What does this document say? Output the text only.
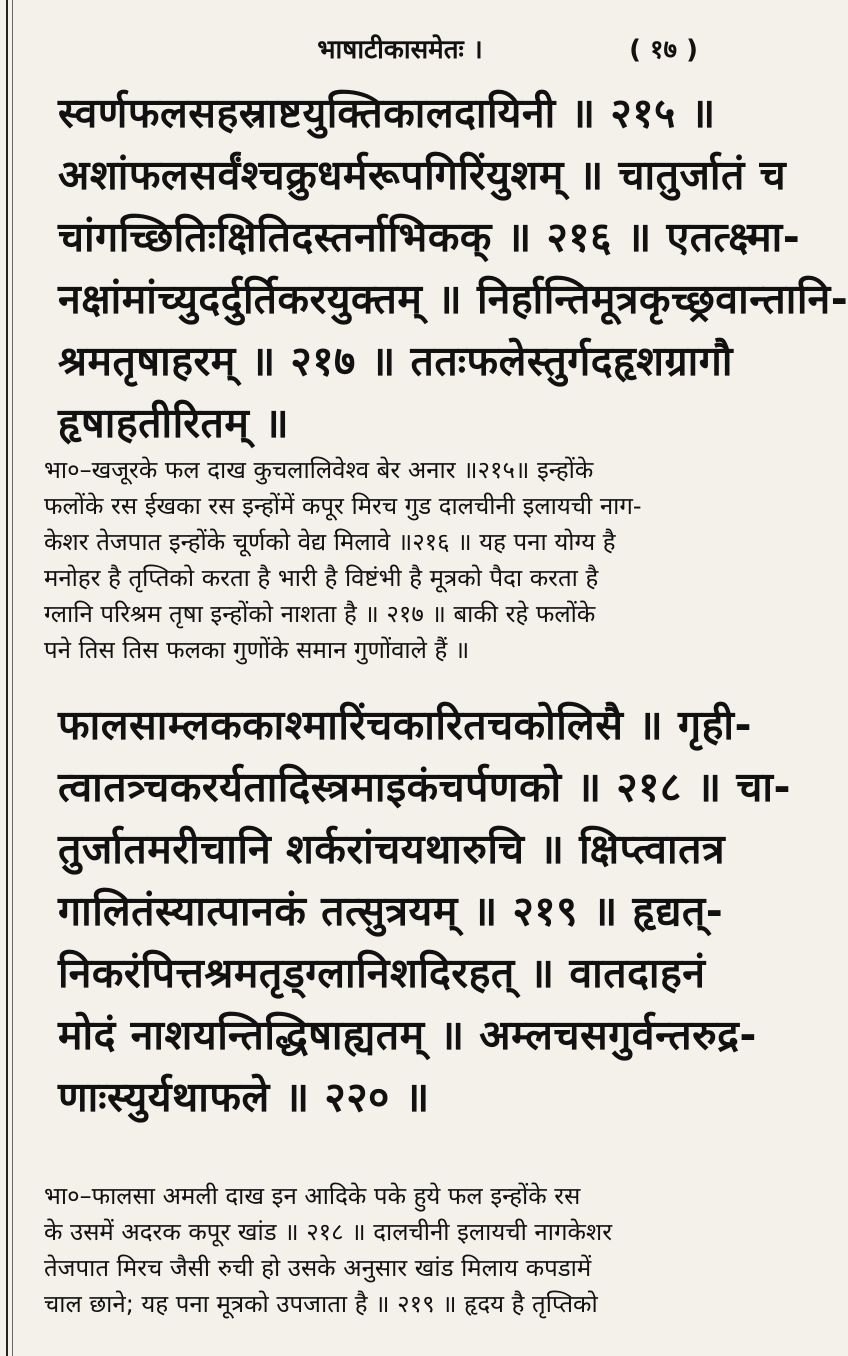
भाषाटीकासमेतः ।	( १७ )
स्वर्णफलसहस्राष्टयुक्तिकालदायिनी ॥ २१५ ॥
अशांफलसर्वंश्चक्रुधर्मरूपगिरिंयुशम् ॥ चातुर्जातं च
चांगच्छितिःक्षितिदस्तर्नाभिकक् ॥ २१६ ॥ एतत्क्ष्मा-
नक्षांमांच्युदर्दुर्तिकरयुक्तम् ॥ निर्हान्तिमूत्रकृच्छ्रवान्तानि-
श्रमतृषाहरम् ॥ २१७ ॥ ततःफलेस्तुर्गदहृशग्रागौ
हृषाहतीरितम् ॥
भा०–खजूरके फल दाख कुचलालिवेश्व बेर अनार ॥२१५॥ इन्होंके
फलोंके रस ईखका रस इन्होंमें कपूर मिरच गुड दालचीनी इलायची नाग-
केशर तेजपात इन्होंके चूर्णको वेद्य मिलावे ॥२१६ ॥ यह पना योग्य है
मनोहर है तृप्तिको करता है भारी है विष्टंभी है मूत्रको पैदा करता है
ग्लानि परिश्रम तृषा इन्होंको नाशता है ॥ २१७ ॥ बाकी रहे फलोंके
पने तिस तिस फलका गुणोंके समान गुणोंवाले हैं ॥
फालसाम्लककाश्मारिंचकारितचकोलिसै ॥ गृही-
त्वातत्र्चकरर्यतादिस्त्रमाइकंचर्पणको ॥ २१८ ॥ चा-
तुर्जातमरीचानि शर्करांचयथारुचि ॥ क्षिप्त्वातत्र
गालितंस्यात्पानकं तत्सुत्रयम् ॥ २१९ ॥ हृद्यत्-
निकरंपित्तश्रमतृड्ग्लानिशदिरहत् ॥ वातदाहनं
मोदं नाशयन्तिद्धिषाह्यतम् ॥ अम्लचसगुर्वन्तरुद्र-
णाःस्युर्यथाफले ॥ २२० ॥
भा०–फालसा अमली दाख इन आदिके पके हुये फल इन्होंके रस
के उसमें अदरक कपूर खांड ॥ २१८ ॥ दालचीनी इलायची नागकेशर
तेजपात मिरच जैसी रुची हो उसके अनुसार खांड मिलाय कपडामें
चाल छाने; यह पना मूत्रको उपजाता है ॥ २१९ ॥ हृदय है तृप्तिको
